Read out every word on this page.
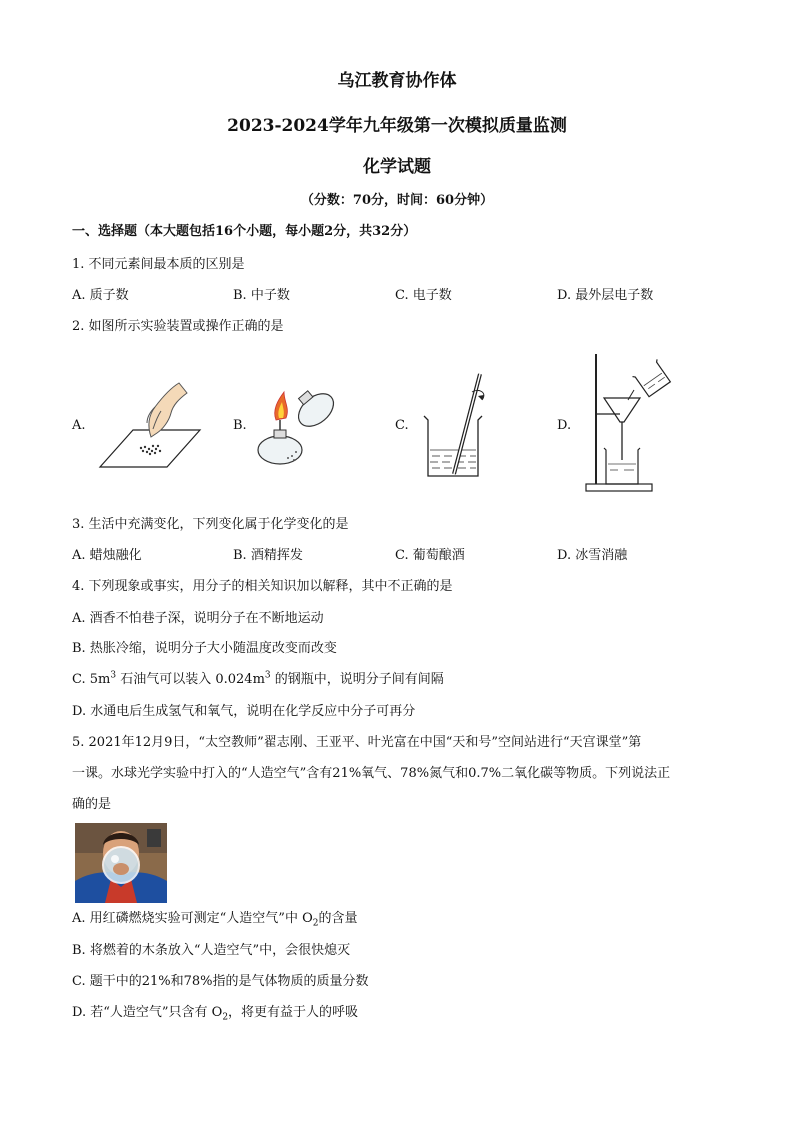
乌江教育协作体
2023-2024学年九年级第一次模拟质量监测
化学试题
（分数：70分，时间：60分钟）
一、选择题（本大题包括16个小题，每小题2分，共32分）
1. 不同元素间最本质的区别是
A. 质子数	B. 中子数	C. 电子数	D. 最外层电子数
2. 如图所示实验装置或操作正确的是
A.	B.	C.	D.
3. 生活中充满变化，下列变化属于化学变化的是
A. 蜡烛融化	B. 酒精挥发	C. 葡萄酿酒	D. 冰雪消融
4. 下列现象或事实，用分子的相关知识加以解释，其中不正确的是
A. 酒香不怕巷子深，说明分子在不断地运动
B. 热胀冷缩，说明分子大小随温度改变而改变
C. $5m^3$ 石油气可以装入 $0.024m^3$ 的钢瓶中，说明分子间有间隔
D. 水通电后生成氢气和氧气，说明在化学反应中分子可再分
5. 2021年12月9日，“太空教师”翟志刚、王亚平、叶光富在中国“天和号”空间站进行“天宫课堂”第
一课。水球光学实验中打入的“人造空气”含有21%氧气、78%氮气和0.7%二氧化碳等物质。下列说法正
确的是
A. 用红磷燃烧实验可测定“人造空气”中 $O_2$的含量
B. 将燃着的木条放入“人造空气”中，会很快熄灭
C. 题干中的21%和78%指的是气体物质的质量分数
D. 若“人造空气”只含有 $O_2$，将更有益于人的呼吸
